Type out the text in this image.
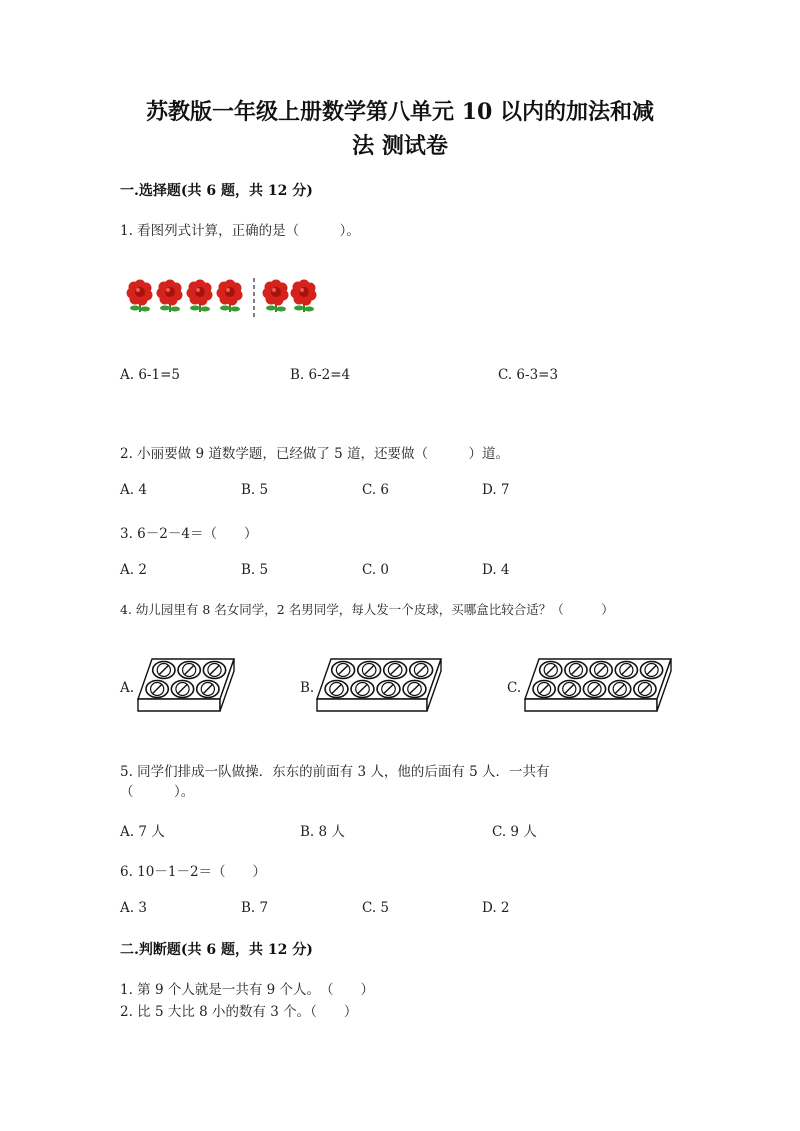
苏教版一年级上册数学第八单元 10 以内的加法和减
法 测试卷
一.选择题(共 6 题，共 12 分)
1. 看图列式计算，正确的是（　　　）。
A. 6-1=5	B. 6-2=4	C. 6-3=3
2. 小丽要做 9 道数学题，已经做了 5 道，还要做（　　　）道。
A. 4	B. 5	C. 6	D. 7
3. 6－2－4＝（　　）
A. 2	B. 5	C. 0	D. 4
4. 幼儿园里有 8 名女同学，2 名男同学，每人发一个皮球，买哪盒比较合适？（　　　）
A.	B.	C.
5. 同学们排成一队做操．东东的前面有 3 人，他的后面有 5 人．一共有
（　　　）。
A. 7 人	B. 8 人	C. 9 人
6. 10－1－2＝（　　）
A. 3	B. 7	C. 5	D. 2
二.判断题(共 6 题，共 12 分)
1. 第 9 个人就是一共有 9 个人。　（　　）
2. 比 5 大比 8 小的数有 3 个。（　　）
